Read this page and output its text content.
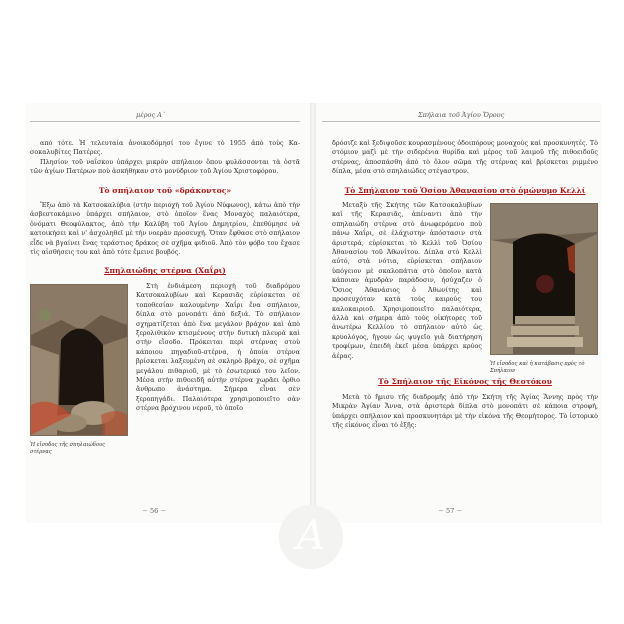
μέρος Α΄

από τότε. Ἡ τελευταία ἀνοικοδόμησί του ἔγινε τὸ 1955 ἀπὸ τοὺς Κα-σοκαλυβίτες Πατέρες.

Πλησίον τοῦ ναΐσκου ὑπάρχει μικρὸν σπήλαιον ὅπου φυλάσσονται τὰ ὀστᾶ τῶν ἀγίων Πατέρων ποὺ ἀσκήθηκαν στὸ μονύδριον τοῦ Ἁγίου Χριστοφόρου.

Τὸ σπήλαιον τοῦ «δράκοντος»

Ἔξω ἀπὸ τὰ Κατσοκαλύβια (στὴν περιοχὴ τοῦ Ἁγίου Νύφωνος), κάτω ἀπὸ τὴν ἀσβεστοκάμινο ὑπάρχει σπήλαιον, στὸ ὁποῖον ἕνας Μοναχὸς παλαιότερα, ὀνόματι Θεοφύλακτος, ἀπὸ τὴν Καλύβη τοῦ Ἁγίου Δημητρίου, ἐπεθύμησε νὰ κατοικήσει καὶ ν' ἀσχοληθεῖ μὲ τὴν νοερὰν προσευχή. Ὅταν ἔφθασε στὸ σπήλαιον εἶδε νὰ βγαίνει ἕνας τεράστιος δράκος σὲ σχῆμα φιδιοῦ. Ἀπὸ τὸν φόβο του ἔχασε τὶς αἰσθήσεις του καὶ ἀπὸ τότε ἔμεινε βουβός.

Σπηλαιώδης στέρνα (Χαΐρι)
Ἡ εἴσοδος τῆς σπηλαιώδους στέρνας

Στὴ ἐνδιάμεση περιοχὴ τοῦ διαδρόμου Κατσοκαλυβίων καὶ Κερασιᾶς εὑρίσκεται σὲ τοποθεσίαν καλουμένην Χαΐρι ἕνα σπήλαιον, δίπλα στὸ μονοπάτι ἀπὸ δεξιά. Τὸ σπήλαιον σχηματίζεται ἀπὸ ἕνα μεγάλον βράχον καὶ ἀπὸ ξερολιθικὸν κτισμένους στὴν δυτικὴ πλευρὰ καὶ στὴν εἴσοδο. Πρόκειται περὶ στέρνας στοὺ κάποιου πηγαδιοῦ-στέρνα, ἡ ὁποία στέρνα βρίσκεται λαξευμένη σὲ σκληρὸ βράχο, σὲ σχῆμα μεγάλου πιθαριοῦ, μὲ τὸ ἐσωτερικό του λεῖον. Μέσα στὴν πιθοειδῆ αὐτὴν στέρνα χωρᾶει ὄρθιο ἄνθρωπο ἀνάστημα. Σήμερα εἶναι σὲν ξεροπηγάδι. Παλαιότερα χρησιμοποιεῖτο σὰν στέρνα βρόχινου νεροῦ, τὸ ὁποῖο

~ 56 ~
Σπήλαια τοῦ Ἁγίου Ὄρους

δρόσιζε καὶ ξεδιψοῦσε κουρασμένους ὁδοιπόρους μοναχοὺς καὶ προσκυνητές. Τὸ στόμιον μαζὶ μὲ τὴν σιδερένια θυρίδα καὶ μέρος τοῦ λαιμοῦ τῆς πιθοειδοῦς στέρνας, ἀποσπάσθη ἀπὸ τὸ ὅλον σῶμα τῆς στέρνας καὶ βρίσκεται ριμμένο δίπλα, μέσα στὸ σπηλαιώδες στέγαστρον.

Τὸ Σπήλαιον τοῦ Ὁσίου Ἀθανασίου στὸ ὁμώνυμο Κελλί
Ἡ εἴσοδος καὶ ἡ κατάβασις πρὸς τὸ Σπήλαιον

Μεταξὺ τῆς Σκήτης τῶν Κατσοκαλυβίων καὶ τῆς Κερασιᾶς, ἀπέναντι ἀπὸ τὴν σπηλαιώδη στέρνα στὸ ἀνωφερόμενο ποὺ πάνω Χαΐρι, σὲ ἐλάχιστην ἀπόστασιν στὰ ἀριστερά, εὑρίσκεται τὸ Κελλὶ τοῦ Ὁσίου Ἀθανασίου τοῦ Ἀθωνίτου. Δίπλα στὸ Κελλὶ αὐτό, στὰ νότια, εὑρίσκεται σπήλαιον ὑπόγειον μὲ σκαλοπάτια στὸ ὁποῖον κατὰ κάποιαν ἀμυδρὰν παράδοσιν, ἡσύχαζεν ὁ Ὅσιος Ἀθανάσιος ὁ Ἀθωνίτης καὶ προσευχόταν κατὰ τοὺς καιρούς του καλοκαιριοῦ. Χρησιμοποιεῖτο παλαιότερα, ἀλλὰ καὶ σήμερα ἀπὸ τοὺς οἰκήτορες τοῦ ἀνωτέρω Κελλίου τὸ σπήλαιον αὐτὸ ὡς κρυολόγος, ἤγουν ὡς ψυγεῖο γιὰ διατήρηση τροφίμων, ἐπειδὴ ἐκεῖ μέσα ὑπάρχει κρύος ἀέρας.

Τὸ Σπήλαιον τῆς Εἰκόνος τῆς Θεοτόκου

Μετὰ τὸ ἥμισυ τῆς διαδρομῆς ἀπὸ τὴν Σκήτη τῆς Ἁγίας Ἄννης πρὸς τὴν Μικρὰν Ἁγίαν Ἄννα, στὰ ἀριστερὰ δίπλα στὸ μονοπάτι σὲ κάποια στροφή, ὑπάρχει σπήλαιον καὶ προσκυνητάρι μὲ τὴν εἰκόνα τῆς Θεομήτορος. Τὸ ἱστορικὸ τῆς εἰκόνος εἶναι τὸ ἑξῆς:

~ 57 ~
A
